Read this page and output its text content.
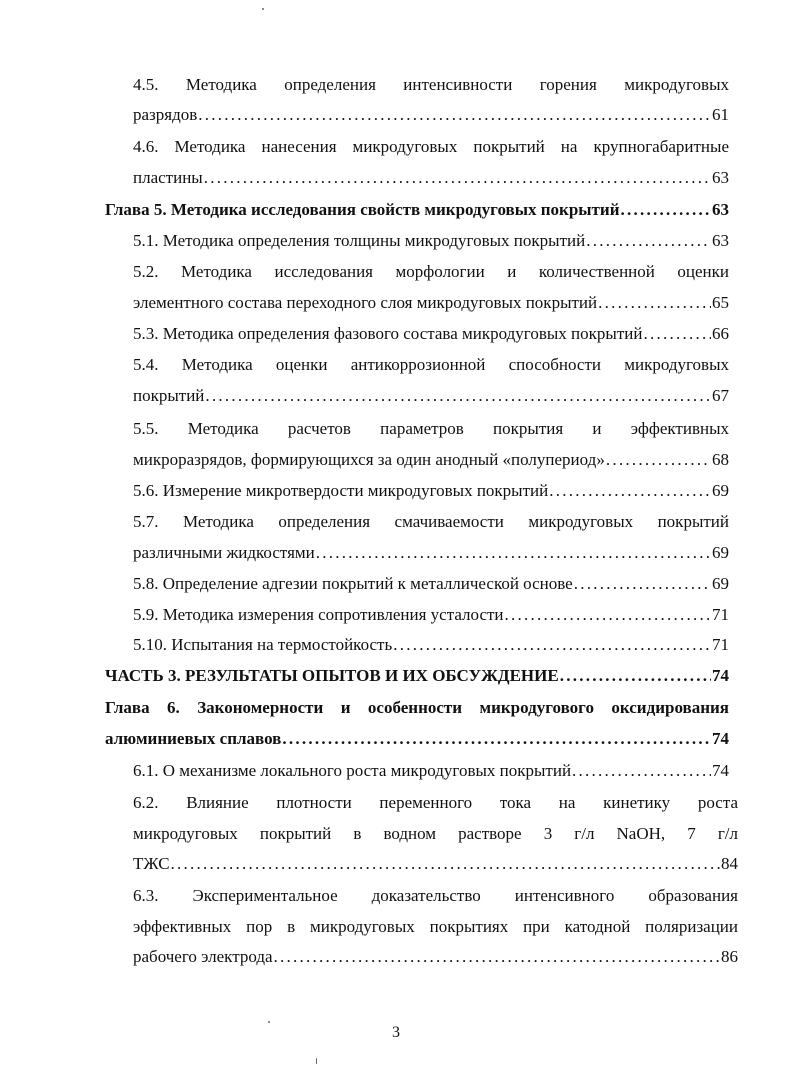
4.5. Методика определения интенсивности горения микродуговых
разрядов . . .	61
4.6. Методика нанесения микродуговых покрытий на крупногабаритные
пластины . . .	63
Глава 5. Методика исследования свойств микродуговых покрытий . . .	63
5.1. Методика определения толщины микродуговых покрытий . . .	63
5.2. Методика исследования морфологии и количественной оценки
элементного состава переходного слоя микродуговых покрытий . . .	65
5.3. Методика определения фазового состава микродуговых покрытий . . .	66
5.4. Методика оценки антикоррозионной способности микродуговых
покрытий . . .	67
5.5. Методика расчетов параметров покрытия и эффективных
микроразрядов, формирующихся за один анодный «полупериод» . . .	68
5.6. Измерение микротвердости микродуговых покрытий . . .	69
5.7. Методика определения смачиваемости микродуговых покрытий
различными жидкостями . . .	69
5.8. Определение адгезии покрытий к металлической основе . . .	69
5.9. Методика измерения сопротивления усталости . . .	71
5.10. Испытания на термостойкость . . .	71
ЧАСТЬ 3. РЕЗУЛЬТАТЫ ОПЫТОВ И ИХ ОБСУЖДЕНИЕ . . .	74
Глава 6. Закономерности и особенности микродугового оксидирования
алюминиевых сплавов . . .	74
6.1. О механизме локального роста микродуговых покрытий . . .	74
6.2. Влияние плотности переменного тока на кинетику роста
микродуговых покрытий в водном растворе 3 г/л NaOH, 7 г/л
ТЖС . . .	84
6.3. Экспериментальное доказательство интенсивного образования
эффективных пор в микродуговых покрытиях при катодной поляризации
рабочего электрода . . .	86
3
